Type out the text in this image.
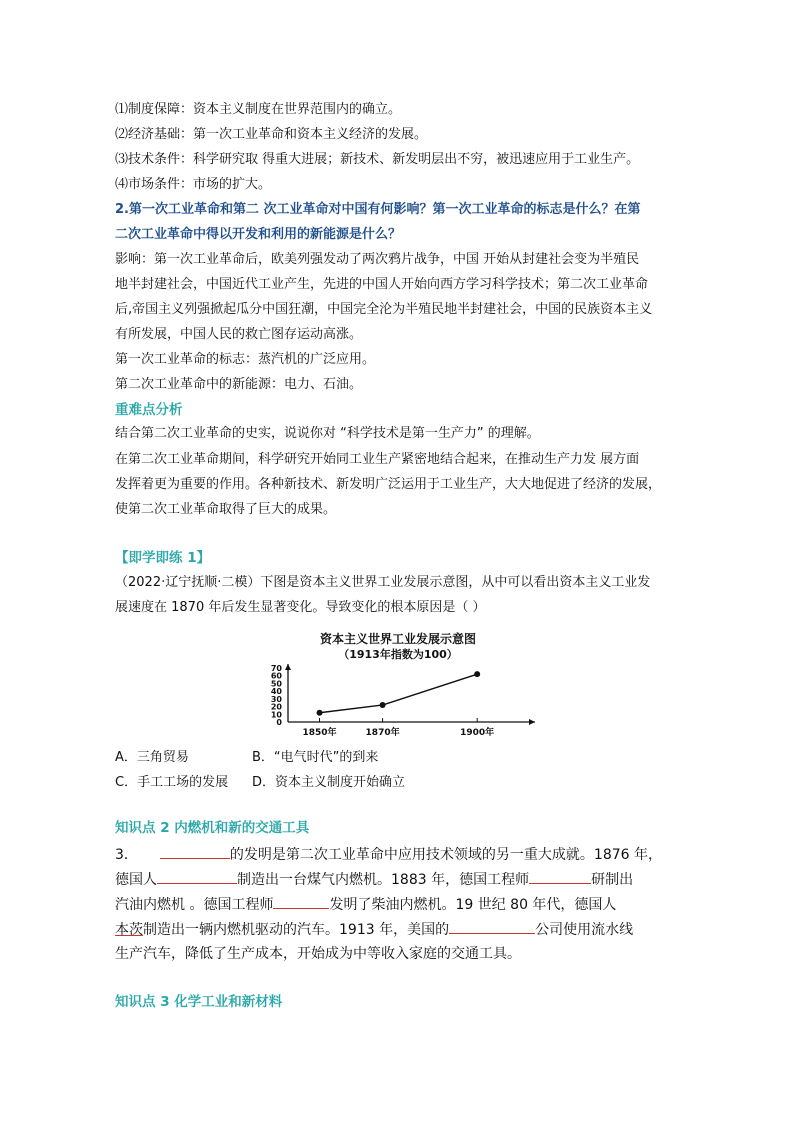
⑴制度保障：资本主义制度在世界范围内的确立。
⑵经济基础：第一次工业革命和资本主义经济的发展。
⑶技术条件：科学研究取 得重大进展；新技术、新发明层出不穷，被迅速应用于工业生产。
⑷市场条件：市场的扩大。
2.第一次工业革命和第二 次工业革命对中国有何影响？第一次工业革命的标志是什么？在第
二次工业革命中得以开发和利用的新能源是什么？
影响：第一次工业革命后，欧美列强发动了两次鸦片战争，中国 开始从封建社会变为半殖民
地半封建社会，中国近代工业产生，先进的中国人开始向西方学习科学技术；第二次工业革命
后,帝国主义列强掀起瓜分中国狂潮，中国完全沦为半殖民地半封建社会，中国的民族资本主义
有所发展，中国人民的救亡图存运动高涨。
第一次工业革命的标志：蒸汽机的广泛应用。
第二次工业革命中的新能源：电力、石油。
重难点分析
结合第二次工业革命的史实，说说你对 “科学技术是第一生产力” 的理解。
在第二次工业革命期间，科学研究开始同工业生产紧密地结合起来，在推动生产力发 展方面
发挥着更为重要的作用。各种新技术、新发明广泛运用于工业生产，大大地促进了经济的发展，
使第二次工业革命取得了巨大的成果。
【即学即练 1】
（2022·辽宁抚顺·二模）下图是资本主义世界工业发展示意图，从中可以看出资本主义工业发
展速度在 1870 年后发生显著变化。导致变化的根本原因是（ ）
资本主义世界工业发展示意图
（1913年指数为100）
0
10
20
30
40
50
60
70
1850年	1870年	1900年
A．三角贸易	B．“电气时代”的到来
C．手工工场的发展 D．资本主义制度开始确立
知识点 2 内燃机和新的交通工具
3．	的发明是第二次工业革命中应用技术领域的另一重大成就。1876 年，
德国人	制造出一台煤气内燃机。1883 年，德国工程师	研制出
汽油内燃机 。德国工程师	发明了柴油内燃机。19 世纪 80 年代，德国人
本茨制造出一辆内燃机驱动的汽车。1913 年，美国的	公司使用流水线
生产汽车，降低了生产成本，开始成为中等收入家庭的交通工具。
知识点 3 化学工业和新材料
